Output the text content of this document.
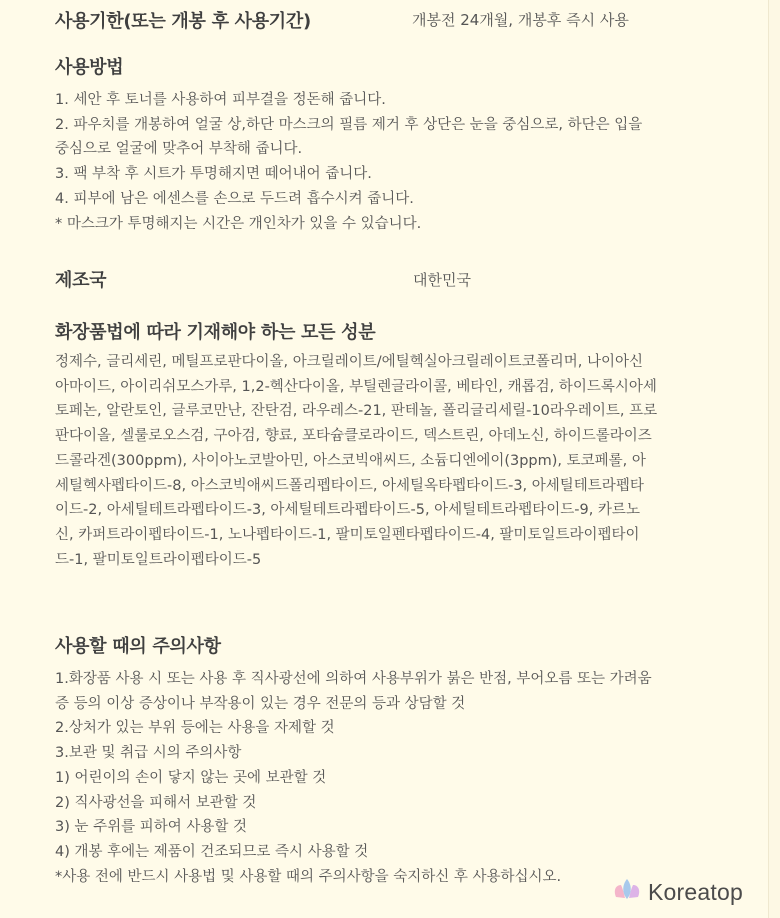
사용기한(또는 개봉 후 사용기간)	개봉전 24개월, 개봉후 즉시 사용
사용방법
1. 세안 후 토너를 사용하여 피부결을 정돈해 줍니다.
2. 파우치를 개봉하여 얼굴 상,하단 마스크의 필름 제거 후 상단은 눈을 중심으로, 하단은 입을
중심으로 얼굴에 맞추어 부착해 줍니다.
3. 팩 부착 후 시트가 투명해지면 떼어내어 줍니다.
4. 피부에 남은 에센스를 손으로 두드려 흡수시켜 줍니다.
* 마스크가 투명해지는 시간은 개인차가 있을 수 있습니다.
제조국	대한민국
화장품법에 따라 기재해야 하는 모든 성분
정제수, 글리세린, 메틸프로판다이올, 아크릴레이트/에틸헥실아크릴레이트코폴리머, 나이아신
아마이드, 아이리쉬모스가루, 1,2-헥산다이올, 부틸렌글라이콜, 베타인, 캐롭검, 하이드록시아세
토페논, 알란토인, 글루코만난, 잔탄검, 라우레스-21, 판테놀, 폴리글리세릴-10라우레이트, 프로
판다이올, 셀룰로오스검, 구아검, 향료, 포타슘클로라이드, 덱스트린, 아데노신, 하이드롤라이즈
드콜라겐(300ppm), 사이아노코발아민, 아스코빅애씨드, 소듐디엔에이(3ppm), 토코페롤, 아
세틸헥사펩타이드-8, 아스코빅애씨드폴리펩타이드, 아세틸옥타펩타이드-3, 아세틸테트라펩타
이드-2, 아세틸테트라펩타이드-3, 아세틸테트라펩타이드-5, 아세틸테트라펩타이드-9, 카르노
신, 카퍼트라이펩타이드-1, 노나펩타이드-1, 팔미토일펜타펩타이드-4, 팔미토일트라이펩타이
드-1, 팔미토일트라이펩타이드-5
사용할 때의 주의사항
1.화장품 사용 시 또는 사용 후 직사광선에 의하여 사용부위가 붉은 반점, 부어오름 또는 가려움
증 등의 이상 증상이나 부작용이 있는 경우 전문의 등과 상담할 것
2.상처가 있는 부위 등에는 사용을 자제할 것
3.보관 및 취급 시의 주의사항
1) 어린이의 손이 닿지 않는 곳에 보관할 것
2) 직사광선을 피해서 보관할 것
3) 눈 주위를 피하여 사용할 것
4) 개봉 후에는 제품이 건조되므로 즉시 사용할 것
*사용 전에 반드시 사용법 및 사용할 때의 주의사항을 숙지하신 후 사용하십시오.
Koreatop
